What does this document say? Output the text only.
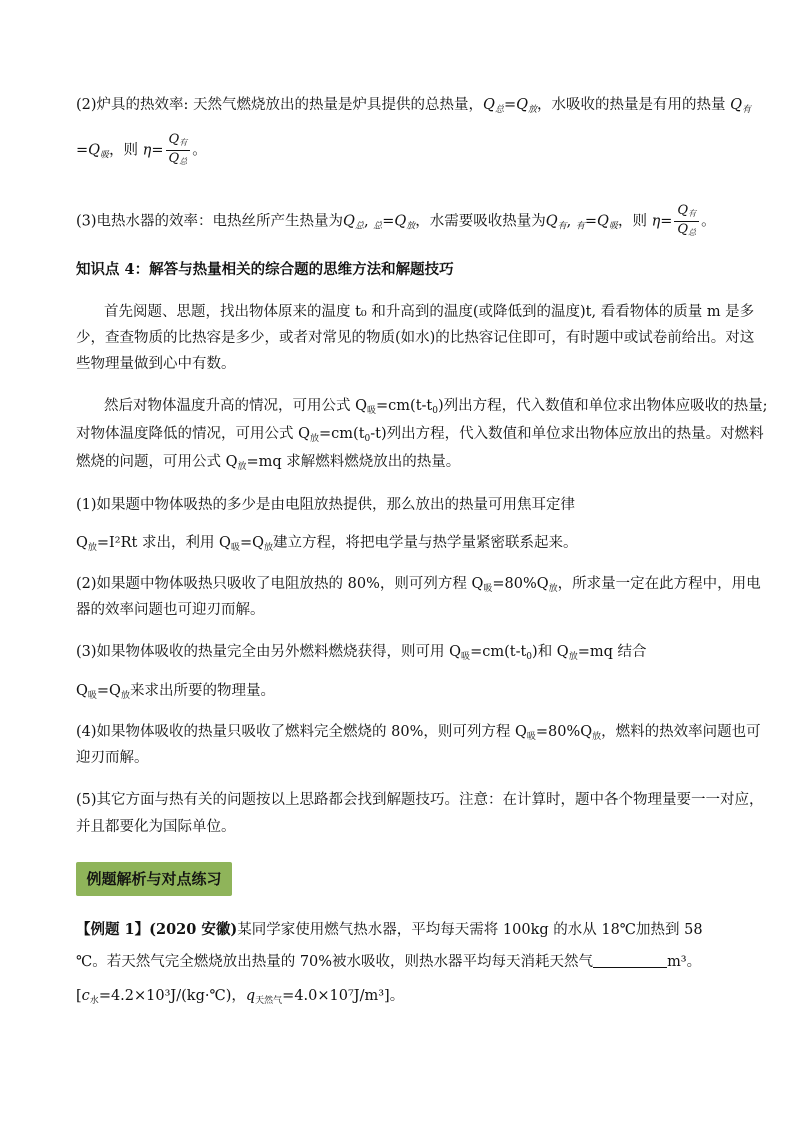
(2)炉具的热效率: 天然气燃烧放出的热量是炉具提供的总热量，$Q_总=Q_放$，水吸收的热量是有用的热量 $Q_有$
$=Q_吸$，则 $\eta= \frac{\text{Q有}}{\text{Q总}}$ 。
(3)电热水器的效率：电热丝所产生热量为$Q_总$, $_总=Q_放$，水需要吸收热量为$Q_有$, $_有=Q_吸$，则 $\eta= \frac{\text{Q有}}{\text{Q总}}$ 。
知识点 4：解答与热量相关的综合题的思维方法和解题技巧
首先阅题、思题，找出物体原来的温度 t₀ 和升高到的温度(或降低到的温度)t, 看看物体的质量 m 是多
少，查查物质的比热容是多少，或者对常见的物质(如水)的比热容记住即可，有时题中或试卷前给出。对这
些物理量做到心中有数。
然后对物体温度升高的情况，可用公式 $Q_吸=cm(t-t_0)$列出方程，代入数值和单位求出物体应吸收的热量;
对物体温度降低的情况，可用公式 $Q_放=cm(t_0-t)$列出方程，代入数值和单位求出物体应放出的热量。对燃料
燃烧的问题，可用公式 $Q_放=mq$ 求解燃料燃烧放出的热量。
(1)如果题中物体吸热的多少是由电阻放热提供，那么放出的热量可用焦耳定律
$Q_放=I^2Rt$ 求出，利用 $Q_吸=Q_放$建立方程，将把电学量与热学量紧密联系起来。
(2)如果题中物体吸热只吸收了电阻放热的 80%，则可列方程 $Q_吸=80\%Q_放$，所求量一定在此方程中，用电
器的效率问题也可迎刃而解。
(3)如果物体吸收的热量完全由另外燃料燃烧获得，则可用 $Q_吸=cm(t-t_0)$和 $Q_放=mq$ 结合
$Q_吸=Q_放$来求出所要的物理量。
(4)如果物体吸收的热量只吸收了燃料完全燃烧的 80%，则可列方程 $Q_吸=80\%Q_放$，燃料的热效率问题也可
迎刃而解。
(5)其它方面与热有关的问题按以上思路都会找到解题技巧。注意：在计算时，题中各个物理量要一一对应，
并且都要化为国际单位。
例题解析与对点练习
【例题 1】(2020 安徽)某同学家使用燃气热水器，平均每天需将 100kg 的水从 18℃加热到 58
℃。若天然气完全燃烧放出热量的 70%被水吸收，则热水器平均每天消耗天然气	m³。
[$c_水=4.2\times 10^3J/(kg\cdot℃)$，$q_{天然气}=4.0\times 10^7J/m^3$]。
